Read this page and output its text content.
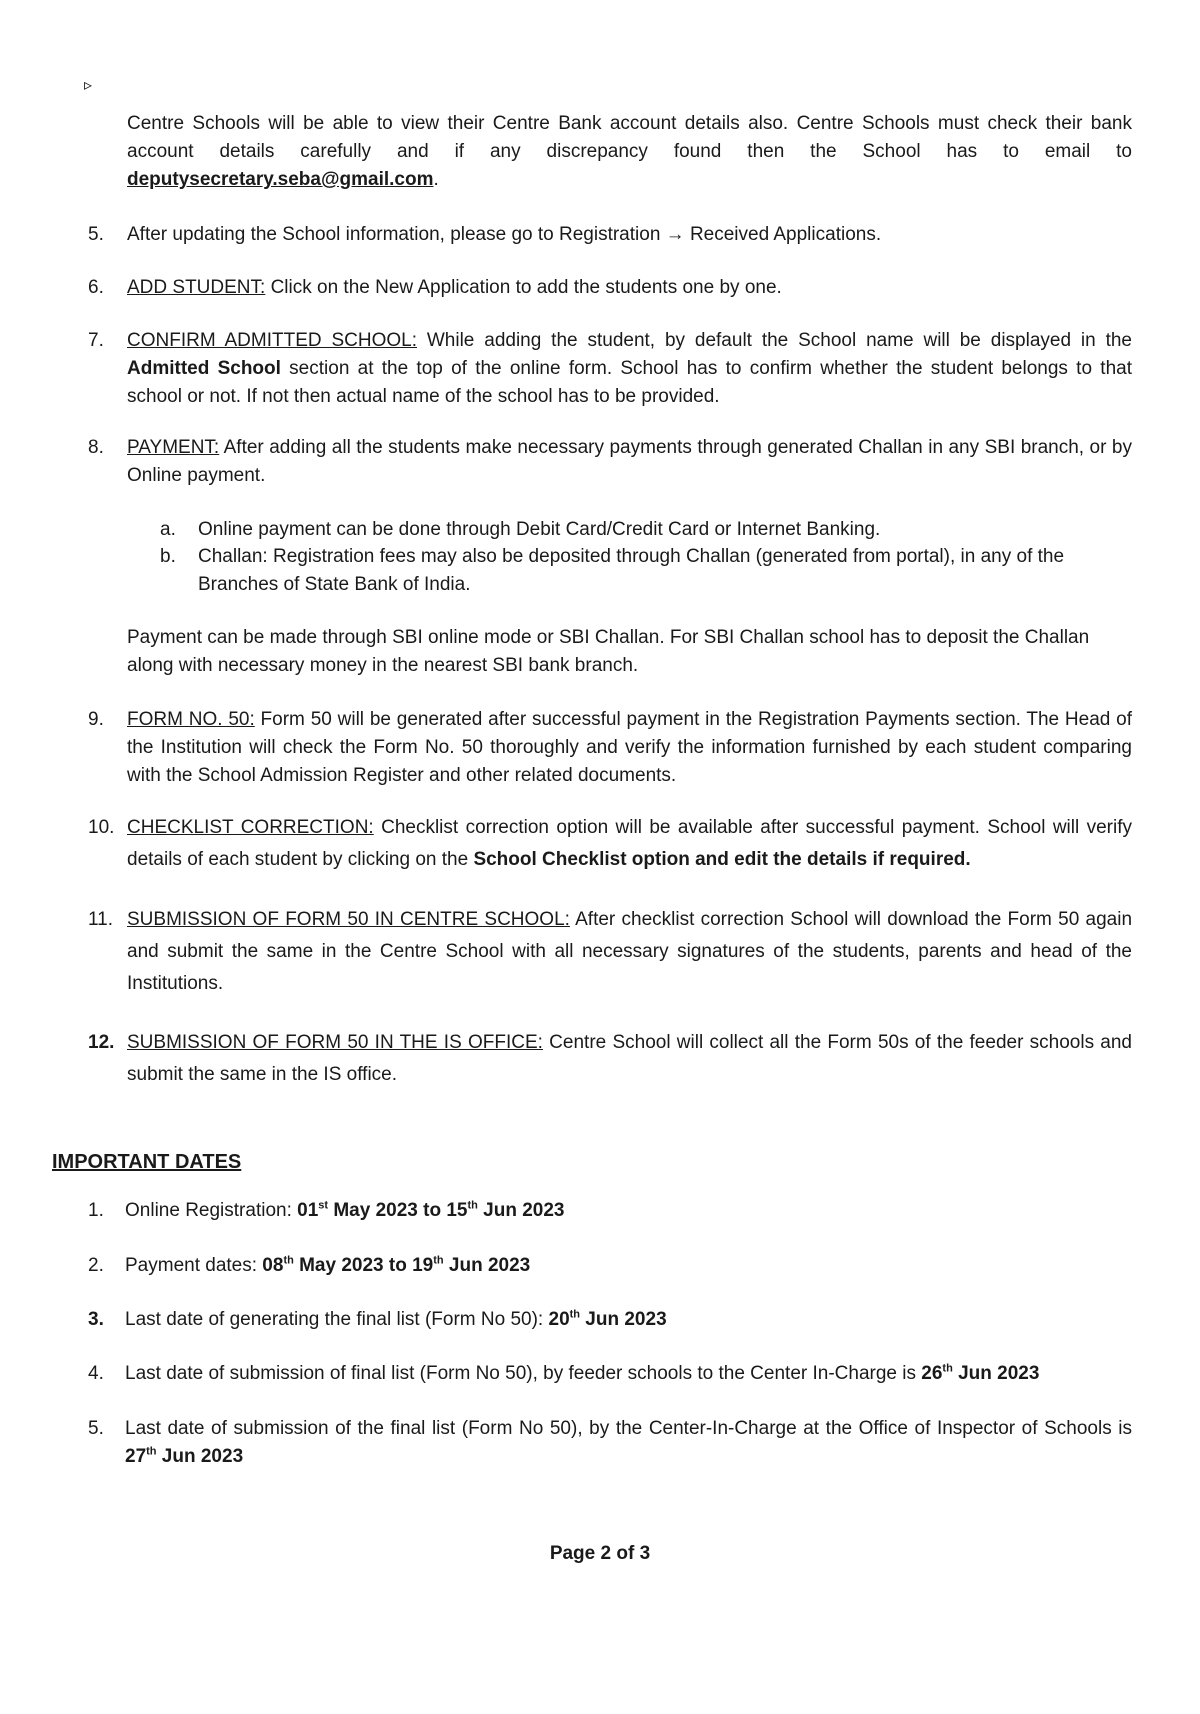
▹
Centre Schools will be able to view their Centre Bank account details also. Centre Schools must check their bank account details carefully and if any discrepancy found then the School has to email to deputysecretary.seba@gmail.com.
5.	After updating the School information, please go to Registration → Received Applications.
6.	ADD STUDENT: Click on the New Application to add the students one by one.
7.	CONFIRM ADMITTED SCHOOL: While adding the student, by default the School name will be displayed in the Admitted School section at the top of the online form. School has to confirm whether the student belongs to that school or not. If not then actual name of the school has to be provided.
8.	PAYMENT: After adding all the students make necessary payments through generated Challan in any SBI branch, or by Online payment.
a. Online payment can be done through Debit Card/Credit Card or Internet Banking.
b. Challan: Registration fees may also be deposited through Challan (generated from portal), in any of the Branches of State Bank of India.
Payment can be made through SBI online mode or SBI Challan. For SBI Challan school has to deposit the Challan along with necessary money in the nearest SBI bank branch.
9.	FORM NO. 50: Form 50 will be generated after successful payment in the Registration Payments section. The Head of the Institution will check the Form No. 50 thoroughly and verify the information furnished by each student comparing with the School Admission Register and other related documents.
10. CHECKLIST CORRECTION: Checklist correction option will be available after successful payment. School will verify details of each student by clicking on the School Checklist option and edit the details if required.
11. SUBMISSION OF FORM 50 IN CENTRE SCHOOL: After checklist correction School will download the Form 50 again and submit the same in the Centre School with all necessary signatures of the students, parents and head of the Institutions.
12. SUBMISSION OF FORM 50 IN THE IS OFFICE: Centre School will collect all the Form 50s of the feeder schools and submit the same in the IS office.
IMPORTANT DATES
1. Online Registration: 01st May 2023 to 15th Jun 2023
2. Payment dates: 08th May 2023 to 19th Jun 2023
3. Last date of generating the final list (Form No 50): 20th Jun 2023
4. Last date of submission of final list (Form No 50), by feeder schools to the Center In-Charge is 26th Jun 2023
5. Last date of submission of the final list (Form No 50), by the Center-In-Charge at the Office of Inspector of Schools is 27th Jun 2023
Page 2 of 3
